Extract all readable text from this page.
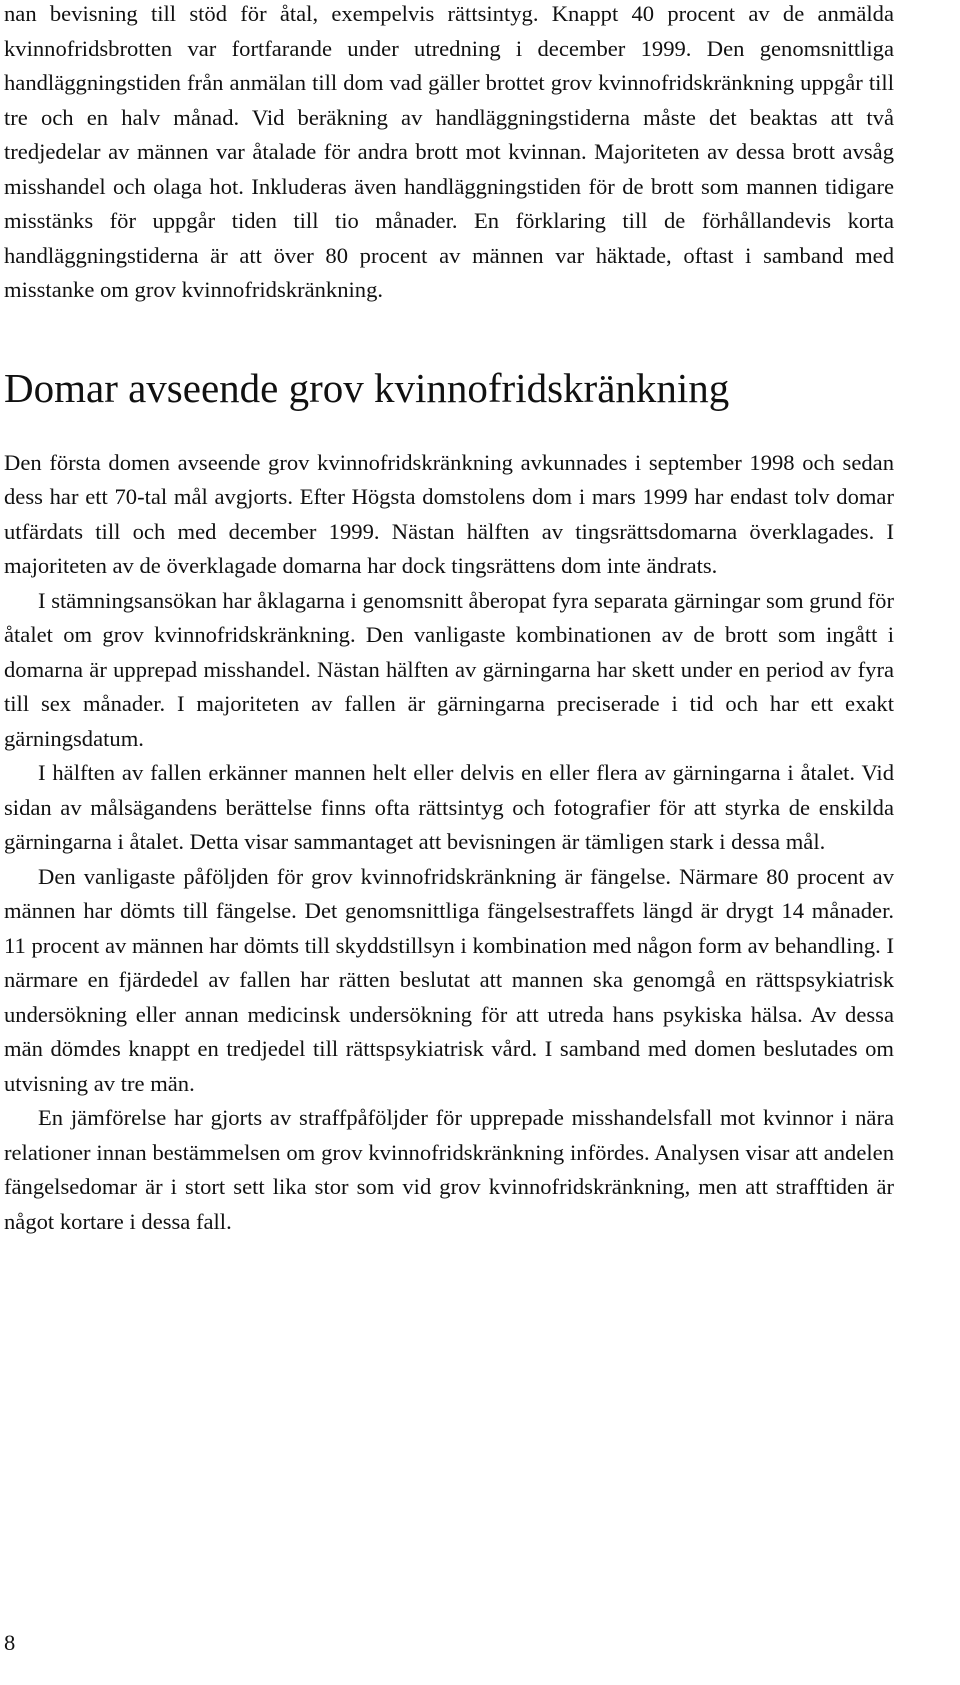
nan bevisning till stöd för åtal, exempelvis rättsintyg. Knappt 40 procent av de anmälda kvinnofridsbrotten var fortfarande under utredning i december 1999. Den genomsnittliga handläggningstiden från anmälan till dom vad gäller brottet grov kvinnofridskränkning uppgår till tre och en halv månad. Vid beräkning av handläggningstiderna måste det beaktas att två tredjedelar av männen var åtalade för andra brott mot kvinnan. Majoriteten av dessa brott avsåg misshandel och olaga hot. Inkluderas även handläggningstiden för de brott som mannen tidigare misstänks för uppgår tiden till tio månader. En förklaring till de förhållandevis korta handläggningstiderna är att över 80 procent av männen var häktade, oftast i samband med misstanke om grov kvinnofridskränkning.

Domar avseende grov kvinnofridskränkning

Den första domen avseende grov kvinnofridskränkning avkunnades i september 1998 och sedan dess har ett 70-tal mål avgjorts. Efter Högsta domstolens dom i mars 1999 har endast tolv domar utfärdats till och med december 1999. Nästan hälften av tingsrättsdomarna överklagades. I majoriteten av de överklagade domarna har dock tingsrättens dom inte ändrats.

I stämningsansökan har åklagarna i genomsnitt åberopat fyra separata gärningar som grund för åtalet om grov kvinnofridskränkning. Den vanligaste kombinationen av de brott som ingått i domarna är upprepad misshandel. Nästan hälften av gärningarna har skett under en period av fyra till sex månader. I majoriteten av fallen är gärningarna preciserade i tid och har ett exakt gärningsdatum.

I hälften av fallen erkänner mannen helt eller delvis en eller flera av gärningarna i åtalet. Vid sidan av målsägandens berättelse finns ofta rättsintyg och fotografier för att styrka de enskilda gärningarna i åtalet. Detta visar sammantaget att bevisningen är tämligen stark i dessa mål.

Den vanligaste påföljden för grov kvinnofridskränkning är fängelse. Närmare 80 procent av männen har dömts till fängelse. Det genomsnittliga fängelsestraffets längd är drygt 14 månader. 11 procent av männen har dömts till skyddstillsyn i kombination med någon form av behandling. I närmare en fjärdedel av fallen har rätten beslutat att mannen ska genomgå en rättspsykiatrisk undersökning eller annan medicinsk undersökning för att utreda hans psykiska hälsa. Av dessa män dömdes knappt en tredjedel till rättspsykiatrisk vård. I samband med domen beslutades om utvisning av tre män.

En jämförelse har gjorts av straffpåföljder för upprepade misshandelsfall mot kvinnor i nära relationer innan bestämmelsen om grov kvinnofridskränkning infördes. Analysen visar att andelen fängelsedomar är i stort sett lika stor som vid grov kvinnofridskränkning, men att strafftiden är något kortare i dessa fall.

8
